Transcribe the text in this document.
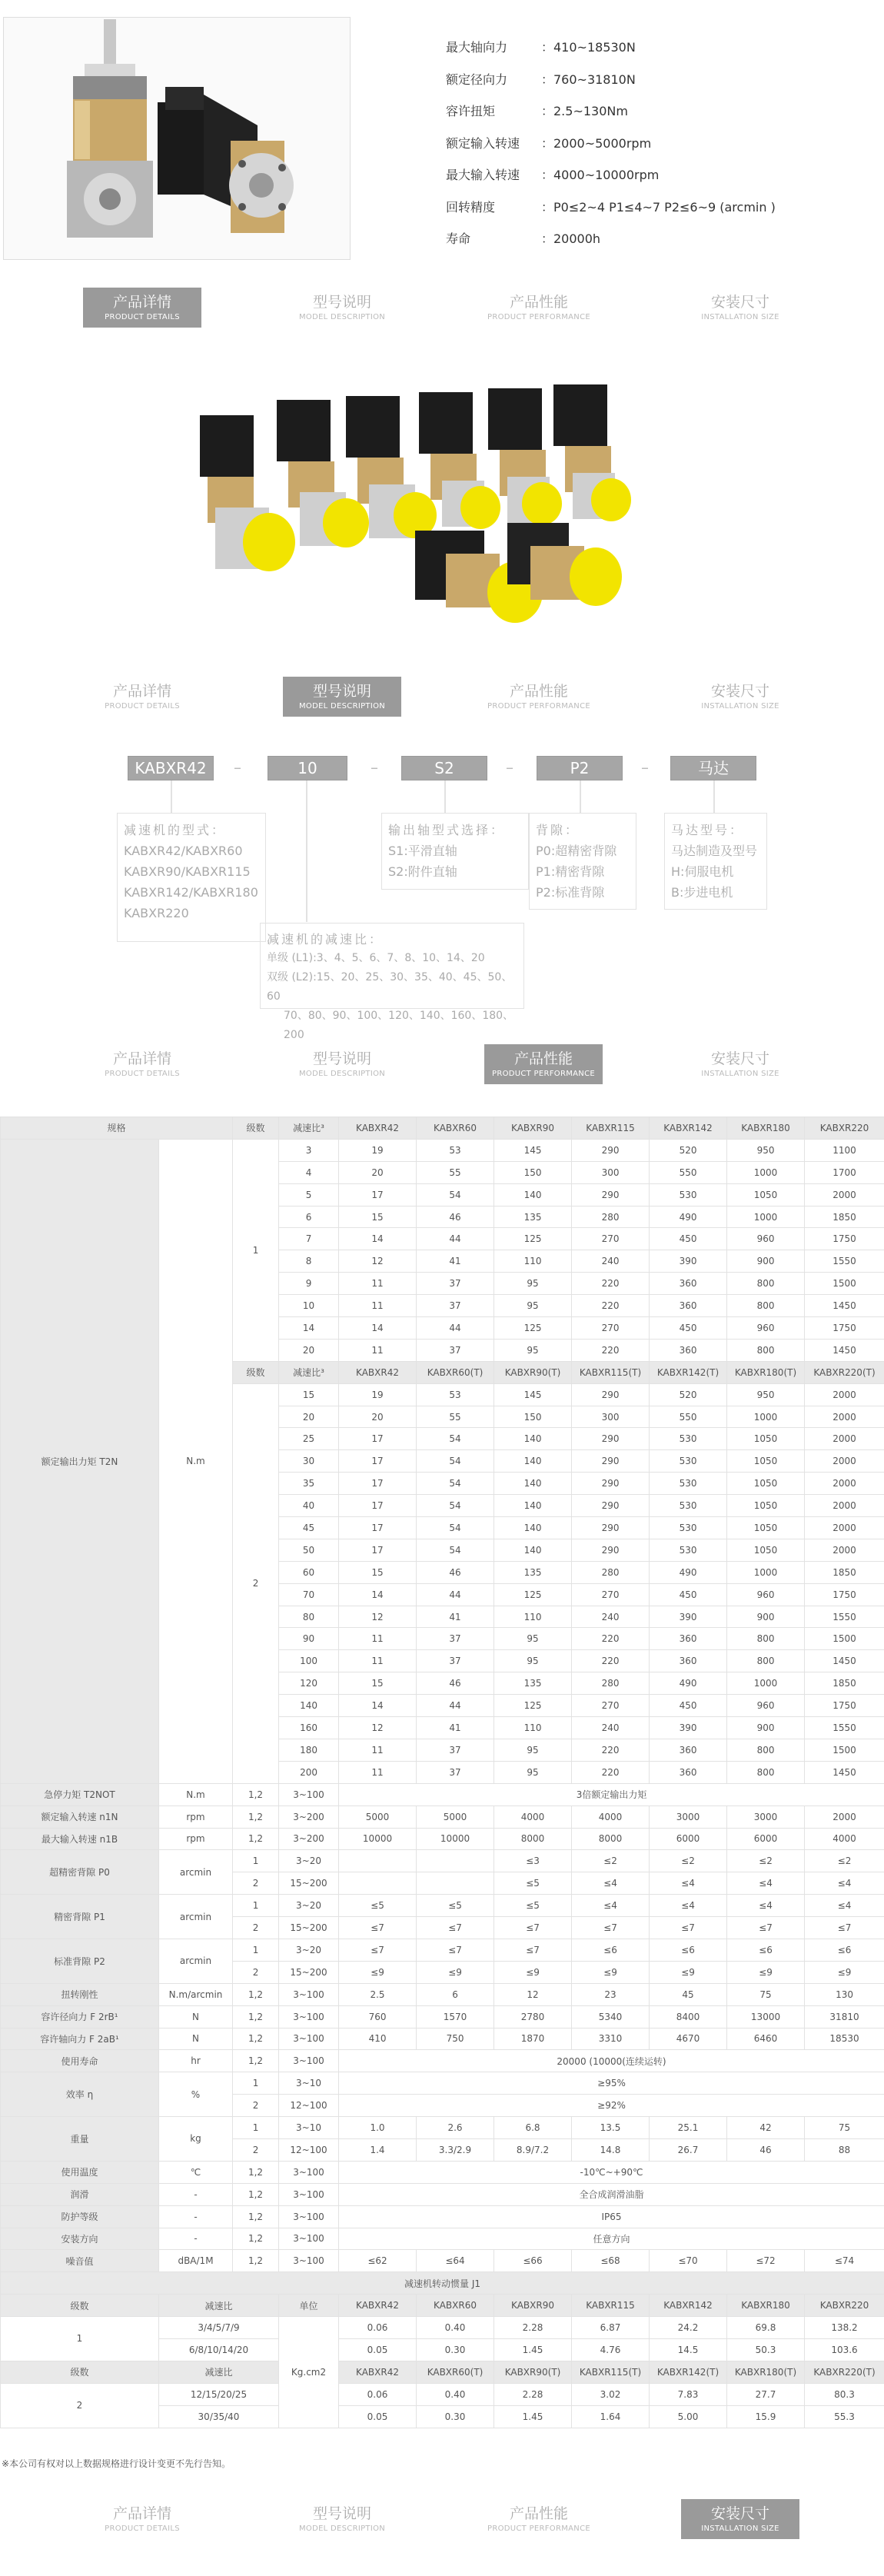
最大轴向力	：410~18530N
额定径向力	：760~31810N
容许扭矩	：2.5~130Nm
额定输入转速	：2000~5000rpm
最大输入转速	：4000~10000rpm
回转精度	：P0≤2~4 P1≤4~7 P2≤6~9 (arcmin )
寿命	：20000h
产品详情
PRODUCT DETAILS
型号说明
MODEL DESCRIPTION
产品性能
PRODUCT PERFORMANCE
安装尺寸
INSTALLATION SIZE
产品详情
PRODUCT DETAILS
型号说明
MODEL DESCRIPTION
产品性能
PRODUCT PERFORMANCE
安装尺寸
INSTALLATION SIZE
KABXR42	–	10	–	S2	–	P2	–	马达
减速机的型式：
KABXR42/KABXR60
KABXR90/KABXR115
KABXR142/KABXR180
KABXR220
减速机的减速比：
单级 (L1):3、4、5、6、7、8、10、14、20
双级 (L2):15、20、25、30、35、40、45、50、60
70、80、90、100、120、140、160、180、200
输出轴型式选择：
S1:平滑直轴
S2:附件直轴
背隙：
P0:超精密背隙
P1:精密背隙
P2:标准背隙
马达型号：
马达制造及型号
H:伺服电机
B:步进电机
产品详情
PRODUCT DETAILS
型号说明
MODEL DESCRIPTION
产品性能
PRODUCT PERFORMANCE
安装尺寸
INSTALLATION SIZE
规格		级数	减速比³	KABXR42	KABXR60	KABXR90	KABXR115	KABXR142	KABXR180	KABXR220
额定输出力矩 T2N	N.m	1	3	19	53	145	290	520	950	1100
			4	20	55	150	300	550	1000	1700
			5	17	54	140	290	530	1050	2000
			6	15	46	135	280	490	1000	1850
			7	14	44	125	270	450	960	1750
			8	12	41	110	240	390	900	1550
			9	11	37	95	220	360	800	1500
			10	11	37	95	220	360	800	1450
			14	14	44	125	270	450	960	1750
			20	11	37	95	220	360	800	1450
		级数	减速比³	KABXR42	KABXR60(T)	KABXR90(T)	KABXR115(T)	KABXR142(T)	KABXR180(T)	KABXR220(T)
		2	15	19	53	145	290	520	950	2000
			20	20	55	150	300	550	1000	2000
			25	17	54	140	290	530	1050	2000
			30	17	54	140	290	530	1050	2000
			35	17	54	140	290	530	1050	2000
			40	17	54	140	290	530	1050	2000
			45	17	54	140	290	530	1050	2000
			50	17	54	140	290	530	1050	2000
			60	15	46	135	280	490	1000	1850
			70	14	44	125	270	450	960	1750
			80	12	41	110	240	390	900	1550
			90	11	37	95	220	360	800	1500
			100	11	37	95	220	360	800	1450
			120	15	46	135	280	490	1000	1850
			140	14	44	125	270	450	960	1750
			160	12	41	110	240	390	900	1550
			180	11	37	95	220	360	800	1500
			200	11	37	95	220	360	800	1450
急停力矩 T2NOT	N.m	1,2	3~100	3倍额定输出力矩						
额定输入转速 n1N	rpm	1,2	3~200	5000	5000	4000	4000	3000	3000	2000
最大输入转速 n1B	rpm	1,2	3~200	10000	10000	8000	8000	6000	6000	4000
超精密背隙 P0	arcmin	1	3~20			≤3	≤2	≤2	≤2	≤2
		2	15~200			≤5	≤4	≤4	≤4	≤4
精密背隙 P1	arcmin	1	3~20	≤5	≤5	≤5	≤4	≤4	≤4	≤4
		2	15~200	≤7	≤7	≤7	≤7	≤7	≤7	≤7
标准背隙 P2	arcmin	1	3~20	≤7	≤7	≤7	≤6	≤6	≤6	≤6
		2	15~200	≤9	≤9	≤9	≤9	≤9	≤9	≤9
扭转刚性	N.m/arcmin	1,2	3~100	2.5	6	12	23	45	75	130
容许径向力 F 2rB¹	N	1,2	3~100	760	1570	2780	5340	8400	13000	31810
容许轴向力 F 2aB¹	N	1,2	3~100	410	750	1870	3310	4670	6460	18530
使用寿命	hr	1,2	3~100	20000 (10000(连续运转)						
效率 η	%	1	3~10	≥95%						
		2	12~100	≥92%						
重量	kg	1	3~10	1.0	2.6	6.8	13.5	25.1	42	75
		2	12~100	1.4	3.3/2.9	8.9/7.2	14.8	26.7	46	88
使用温度	℃	1,2	3~100	-10℃~+90℃						
润滑	-	1,2	3~100	全合成润滑油脂						
防护等级	-	1,2	3~100	IP65						
安装方向	-	1,2	3~100	任意方向						
噪音值	dBA/1M	1,2	3~100	≤62	≤64	≤66	≤68	≤70	≤72	≤74
减速机转动惯量 J1										
级数	减速比		单位	KABXR42	KABXR60	KABXR90	KABXR115	KABXR142	KABXR180	KABXR220
1	3/4/5/7/9		Kg.cm2	0.06	0.40	2.28	6.87	24.2	69.8	138.2
	6/8/10/14/20			0.05	0.30	1.45	4.76	14.5	50.3	103.6
级数	减速比			KABXR42	KABXR60(T)	KABXR90(T)	KABXR115(T)	KABXR142(T)	KABXR180(T)	KABXR220(T)
2	12/15/20/25			0.06	0.40	2.28	3.02	7.83	27.7	80.3
	30/35/40			0.05	0.30	1.45	1.64	5.00	15.9	55.3
※本公司有权对以上数据规格进行设计变更不先行告知。
产品详情
PRODUCT DETAILS
型号说明
MODEL DESCRIPTION
产品性能
PRODUCT PERFORMANCE
安装尺寸
INSTALLATION SIZE
